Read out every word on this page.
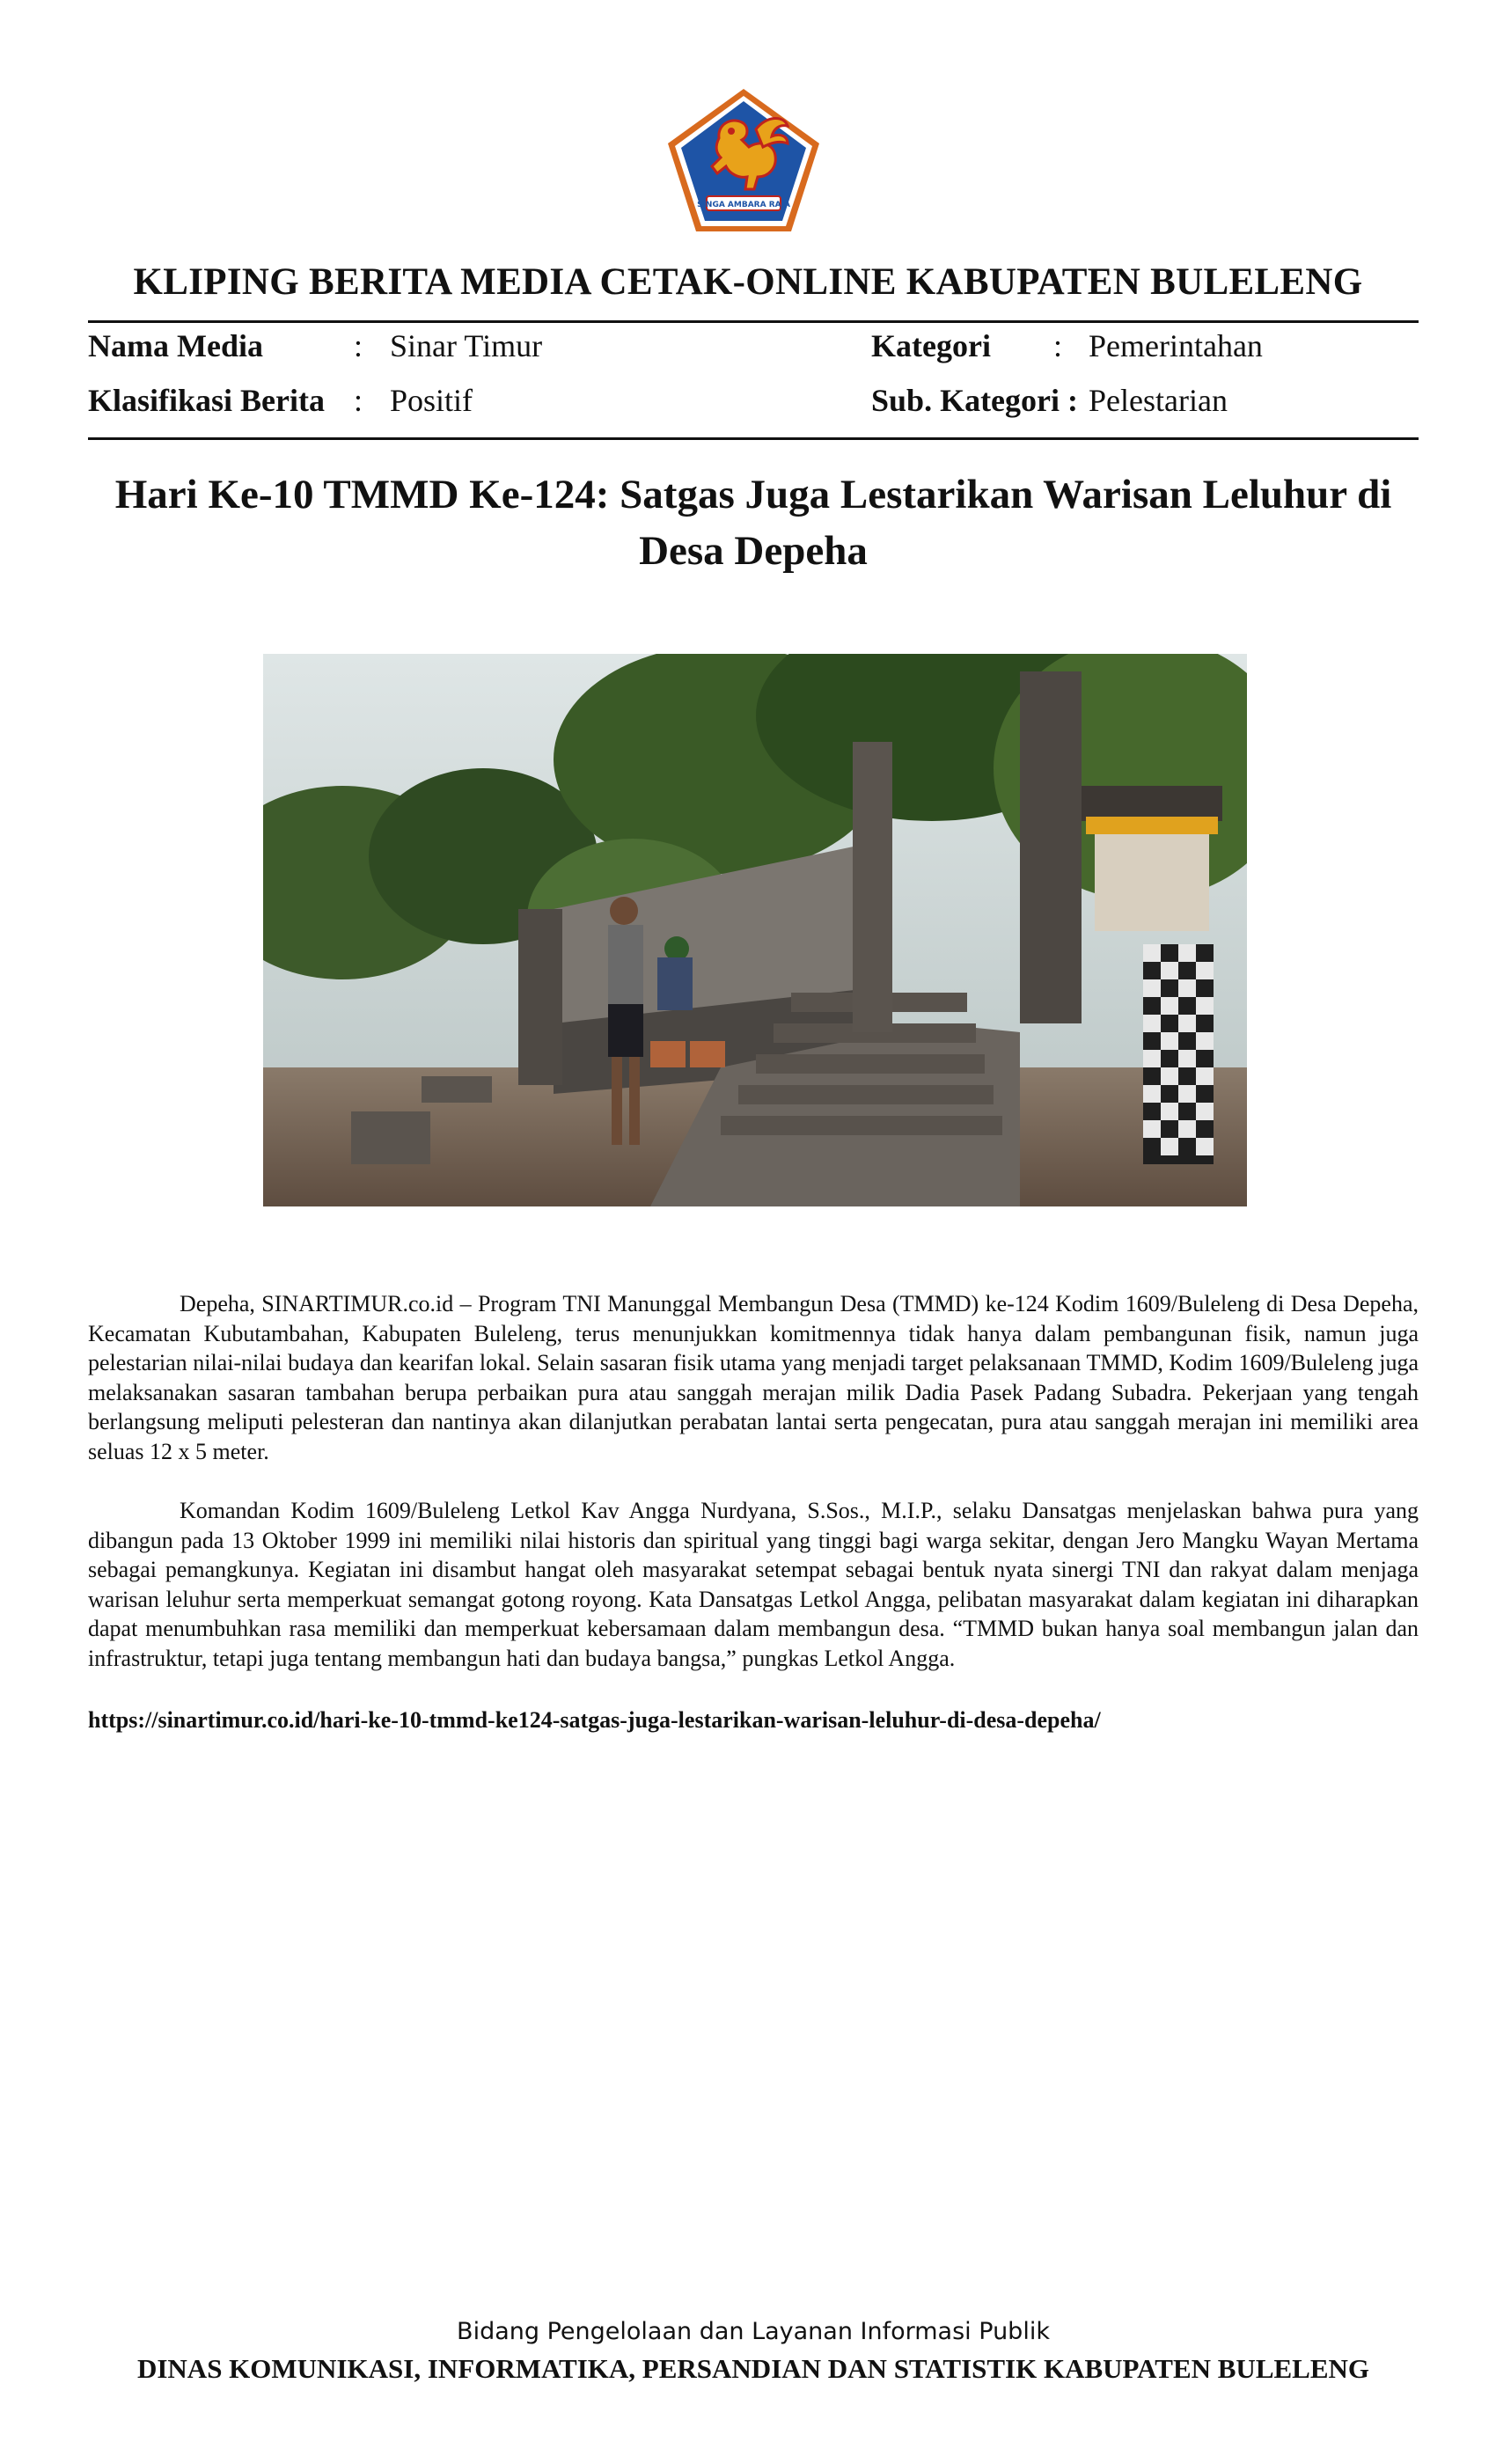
SINGA AMBARA RAJA
KLIPING BERITA MEDIA CETAK-ONLINE KABUPATEN BULELENG
Nama Media	: Sinar Timur
Klasifikasi Berita : Positif
Kategori : Pemerintahan
Sub. Kategori : Pelestarian
Hari Ke-10 TMMD Ke-124: Satgas Juga Lestarikan Warisan Leluhur di Desa Depeha

Depeha, SINARTIMUR.co.id – Program TNI Manunggal Membangun Desa (TMMD) ke-124 Kodim 1609/Buleleng di Desa Depeha, Kecamatan Kubutambahan, Kabupaten Buleleng, terus menunjukkan komitmennya tidak hanya dalam pembangunan fisik, namun juga pelestarian nilai-nilai budaya dan kearifan lokal. Selain sasaran fisik utama yang menjadi target pelaksanaan TMMD, Kodim 1609/Buleleng juga melaksanakan sasaran tambahan berupa perbaikan pura atau sanggah merajan milik Dadia Pasek Padang Subadra. Pekerjaan yang tengah berlangsung meliputi pelesteran dan nantinya akan dilanjutkan perabatan lantai serta pengecatan, pura atau sanggah merajan ini memiliki area seluas 12 x 5 meter.

Komandan Kodim 1609/Buleleng Letkol Kav Angga Nurdyana, S.Sos., M.I.P., selaku Dansatgas menjelaskan bahwa pura yang dibangun pada 13 Oktober 1999 ini memiliki nilai historis dan spiritual yang tinggi bagi warga sekitar, dengan Jero Mangku Wayan Mertama sebagai pemangkunya. Kegiatan ini disambut hangat oleh masyarakat setempat sebagai bentuk nyata sinergi TNI dan rakyat dalam menjaga warisan leluhur serta memperkuat semangat gotong royong. Kata Dansatgas Letkol Angga, pelibatan masyarakat dalam kegiatan ini diharapkan dapat menumbuhkan rasa memiliki dan memperkuat kebersamaan dalam membangun desa. “TMMD bukan hanya soal membangun jalan dan infrastruktur, tetapi juga tentang membangun hati dan budaya bangsa,” pungkas Letkol Angga.

https://sinartimur.co.id/hari-ke-10-tmmd-ke124-satgas-juga-lestarikan-warisan-leluhur-di-desa-depeha/
Bidang Pengelolaan dan Layanan Informasi Publik
DINAS KOMUNIKASI, INFORMATIKA, PERSANDIAN DAN STATISTIK KABUPATEN BULELENG
